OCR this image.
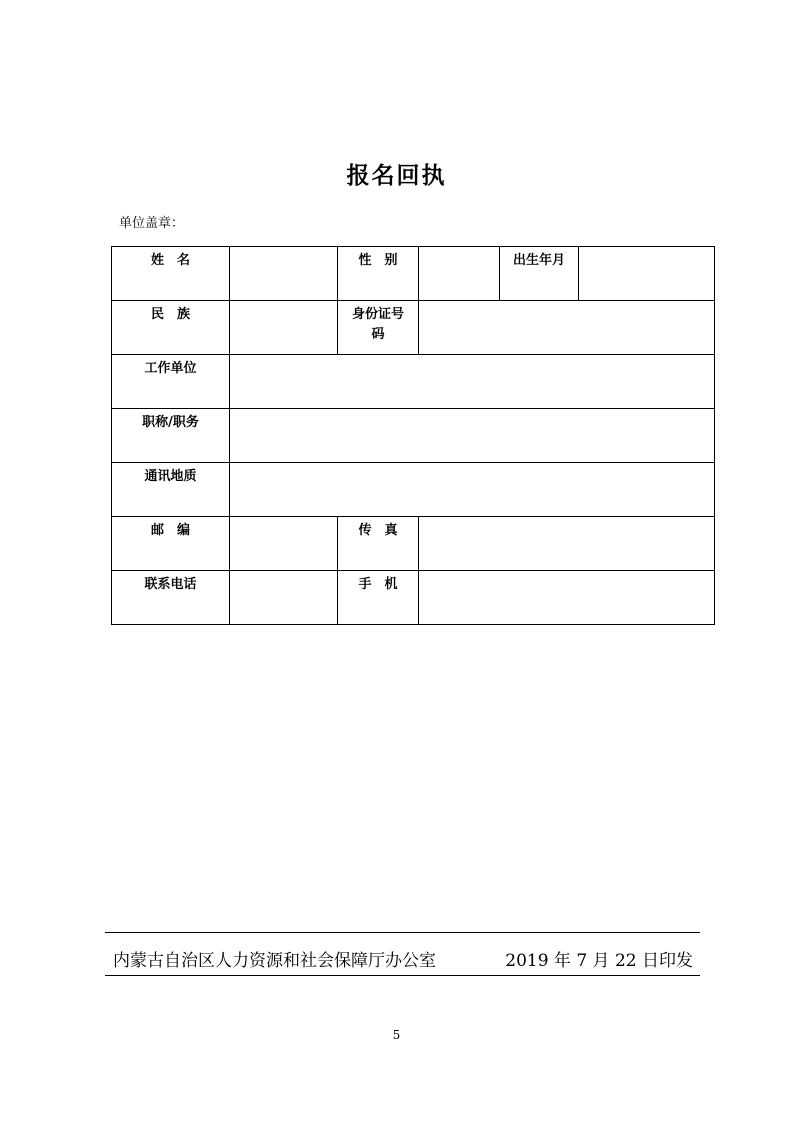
报名回执
单位盖章：
姓　名		性　别		出生年月	
民　族		身份证号码			
工作单位					
职称/职务					
通讯地质					
邮　编		传　真			
联系电话		手　机			
内蒙古自治区人力资源和社会保障厅办公室	2019 年 7 月 22 日印发
5
